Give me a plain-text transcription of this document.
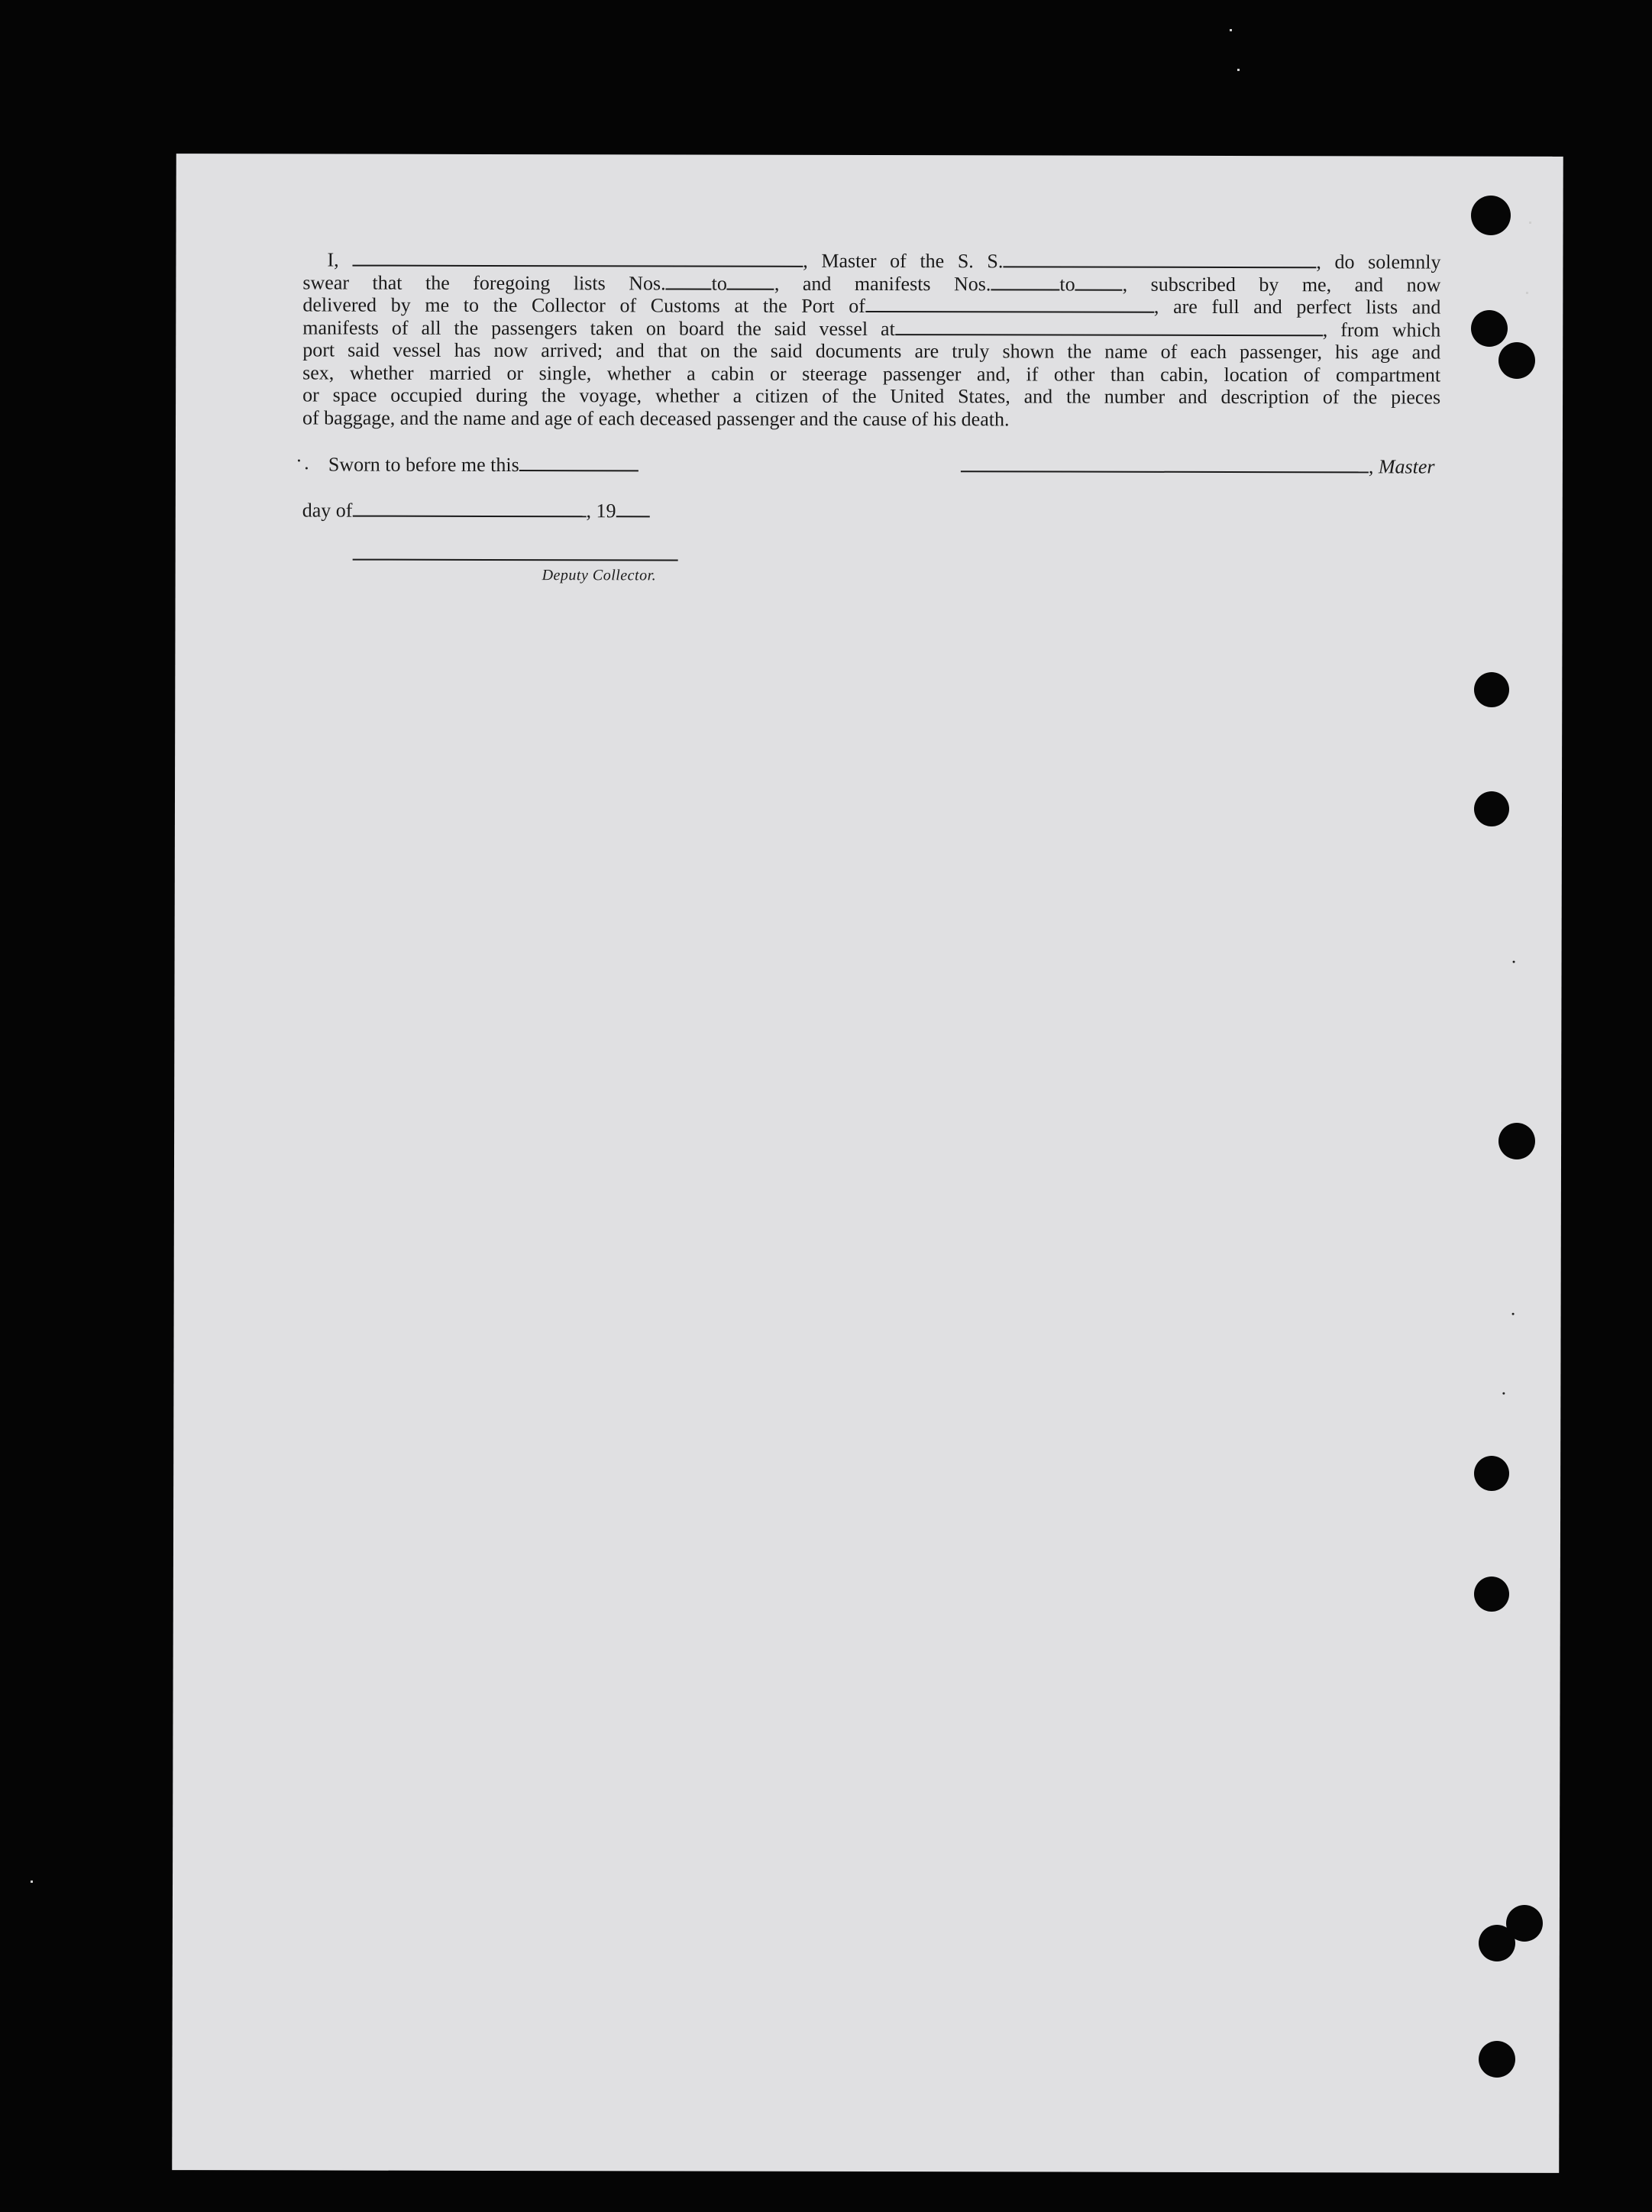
I,	, Master of the S. S.	, do solemnly
swear that the foregoing lists Nos. to , and manifests Nos.	to , subscribed by me, and now
delivered by me to the Collector of Customs at the Port of	, are full and perfect lists and
manifests of all the passengers taken on board the said vessel at	, from which
port said vessel has now arrived; and that on the said documents are truly shown the name of each passenger, his age and
sex, whether married or single, whether a cabin or steerage passenger and, if other than cabin, location of compartment
or space occupied during the voyage, whether a citizen of the United States, and the number and description of the pieces
of baggage, and the name and age of each deceased passenger and the cause of his death.
Sworn to before me this	, Master
day of	, 19
Deputy Collector.
